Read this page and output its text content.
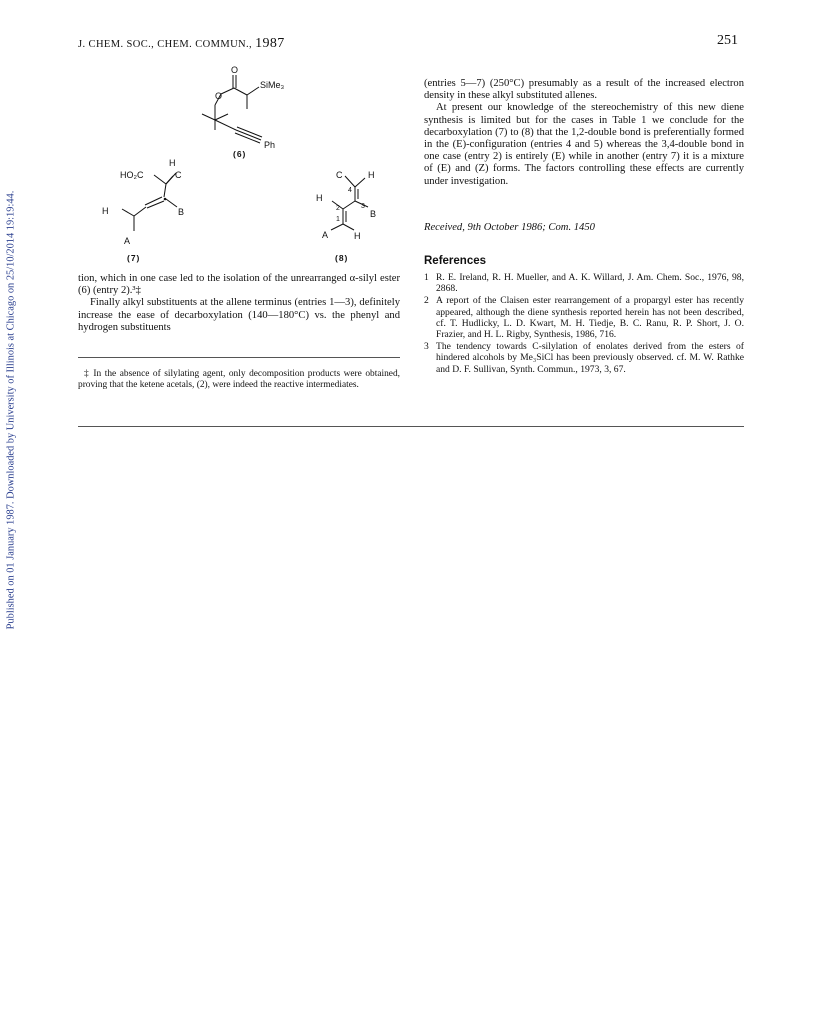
Published on 01 January 1987. Downloaded by University of Illinois at Chicago on 25/10/2014 19:19:44.
J. CHEM. SOC., CHEM. COMMUN., 1987	251
O
O
SiMe₃
Ph
(6)
H
HO₂C	C
H	B
A
(7)
C	H
4
H
3
2
B
1
A	H
(8)

tion, which in one case led to the isolation of the unrearranged α-silyl ester (6) (entry 2).³‡

Finally alkyl substituents at the allene terminus (entries 1—3), definitely increase the ease of decarboxylation (140—180°C) vs. the phenyl and hydrogen substituents

‡ In the absence of silylating agent, only decomposition products were obtained, proving that the ketene acetals, (2), were indeed the reactive intermediates.

(entries 5—7) (250°C) presumably as a result of the increased electron density in these alkyl substituted allenes.

At present our knowledge of the stereochemistry of this new diene synthesis is limited but for the cases in Table 1 we conclude for the decarboxylation (7) to (8) that the 1,2-double bond is preferentially formed in the (E)-configuration (entries 4 and 5) whereas the 3,4-double bond in one case (entry 2) is entirely (E) while in another (entry 7) it is a mixture of (E) and (Z) forms. The factors controlling these effects are currently under investigation.

Received, 9th October 1986; Com. 1450
References
1 R. E. Ireland, R. H. Mueller, and A. K. Willard, J. Am. Chem. Soc., 1976, 98, 2868.
2 A report of the Claisen ester rearrangement of a propargyl ester has recently appeared, although the diene synthesis reported herein has not been described, cf. T. Hudlicky, L. D. Kwart, M. H. Tiedje, B. C. Ranu, R. P. Short, J. O. Frazier, and H. L. Rigby, Synthesis, 1986, 716.
3 The tendency towards C-silylation of enolates derived from the esters of hindered alcohols by Me₃SiCl has been previously observed. cf. M. W. Rathke and D. F. Sullivan, Synth. Commun., 1973, 3, 67.
